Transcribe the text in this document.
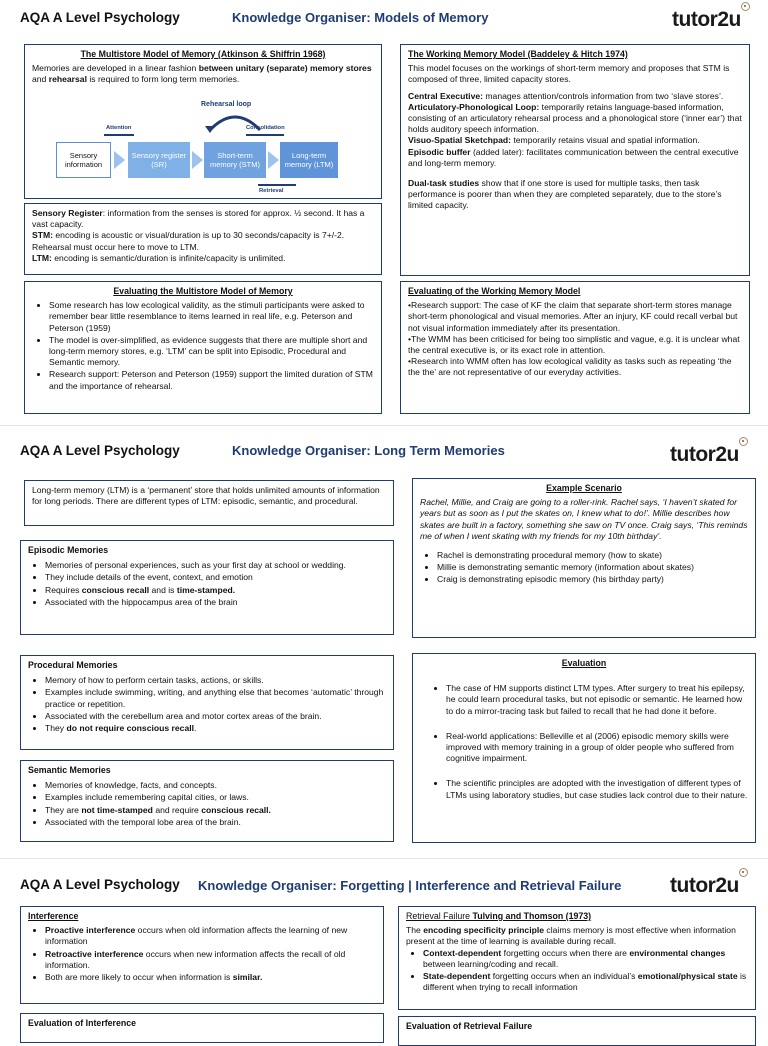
AQA A Level Psychology	Knowledge Organiser: Models of Memory	tutor2u
The Multistore Model of Memory (Atkinson & Shiffrin 1968)

Memories are developed in a linear fashion between unitary (separate) memory stores and rehearsal is required to form long term memories.

Rehearsal loop
Attention	Consolidation
Sensory information
Sensory register (SR)
Short-term memory (STM)
Long-term memory (LTM)
Retrieval

Sensory Register: information from the senses is stored for approx. ½ second. It has a vast capacity.

STM: encoding is acoustic or visual/duration is up to 30 seconds/capacity is 7+/-2. Rehearsal must occur here to move to LTM.

LTM: encoding is semantic/duration is infinite/capacity is unlimited.

Evaluating the Multistore Model of Memory
• Some research has low ecological validity, as the stimuli participants were asked to remember bear little resemblance to items learned in real life, e.g. Peterson and Peterson (1959)
• The model is over-simplified, as evidence suggests that there are multiple short and long-term memory stores, e.g. ‘LTM’ can be split into Episodic, Procedural and Semantic memory.
• Research support: Peterson and Peterson (1959) support the limited duration of STM and the importance of rehearsal.
The Working Memory Model (Baddeley & Hitch 1974)

This model focuses on the workings of short-term memory and proposes that STM is composed of three, limited capacity stores.

Central Executive: manages attention/controls information from two ‘slave stores’.

Articulatory-Phonological Loop: temporarily retains language-based information, consisting of an articulatory rehearsal process and a phonological store (‘inner ear’) that holds auditory speech information.

Visuo-Spatial Sketchpad: temporarily retains visual and spatial information.

Episodic buffer (added later): facilitates communication between the central executive and long-term memory.

Dual-task studies show that if one store is used for multiple tasks, then task performance is poorer than when they are completed separately, due to the store’s limited capacity.

Evaluating of the Working Memory Model

•Research support: The case of KF the claim that separate short-term stores manage short-term phonological and visual memories. After an injury, KF could recall verbal but not visual information immediately after its presentation.

•The WMM has been criticised for being too simplistic and vague, e.g. it is unclear what the central executive is, or its exact role in attention.

•Research into WMM often has low ecological validity as tasks such as repeating ‘the the the’ are not representative of our everyday activities.

AQA A Level Psychology	Knowledge Organiser: Long Term Memories	tutor2u

Long-term memory (LTM) is a ‘permanent’ store that holds unlimited amounts of information for long periods. There are different types of LTM: episodic, semantic, and procedural.

Episodic Memories
• Memories of personal experiences, such as your first day at school or wedding.
• They include details of the event, context, and emotion
• Requires conscious recall and is time-stamped.
• Associated with the hippocampus area of the brain
Procedural Memories
• Memory of how to perform certain tasks, actions, or skills.
• Examples include swimming, writing, and anything else that becomes ‘automatic’ through practice or repetition.
• Associated with the cerebellum area and motor cortex areas of the brain.
• They do not require conscious recall.
Semantic Memories
• Memories of knowledge, facts, and concepts.
• Examples include remembering capital cities, or laws.
• They are not time-stamped and require conscious recall.
• Associated with the temporal lobe area of the brain.
Example Scenario

Rachel, Millie, and Craig are going to a roller-rink. Rachel says, ‘I haven’t skated for years but as soon as I put the skates on, I knew what to do!’. Millie describes how skates are built in a factory, something she saw on TV once. Craig says, ‘This reminds me of when I went skating with my friends for my 10th birthday’.

• Rachel is demonstrating procedural memory (how to skate)
• Millie is demonstrating semantic memory (information about skates)
• Craig is demonstrating episodic memory (his birthday party)
Evaluation
• The case of HM supports distinct LTM types. After surgery to treat his epilepsy, he could learn procedural tasks, but not episodic or semantic. He learned how to do a mirror-tracing task but failed to recall that he had done it before.
• Real-world applications: Belleville et al (2006) episodic memory skills were improved with memory training in a group of older people who suffered from cognitive impairment.
• The scientific principles are adopted with the investigation of different types of LTMs using laboratory studies, but case studies lack control due to their nature.
AQA A Level Psychology Knowledge Organiser: Forgetting | Interference and Retrieval Failure tutor2u
Interference
• Proactive interference occurs when old information affects the learning of new information
• Retroactive interference occurs when new information affects the recall of old information.
• Both are more likely to occur when information is similar.
Evaluation of Interference
Retrieval Failure Tulving and Thomson (1973)

The encoding specificity principle claims memory is most effective when information present at the time of learning is available during recall.

• Context-dependent forgetting occurs when there are environmental changes between learning/coding and recall.
• State-dependent forgetting occurs when an individual’s emotional/physical state is different when trying to recall information
Evaluation of Retrieval Failure
